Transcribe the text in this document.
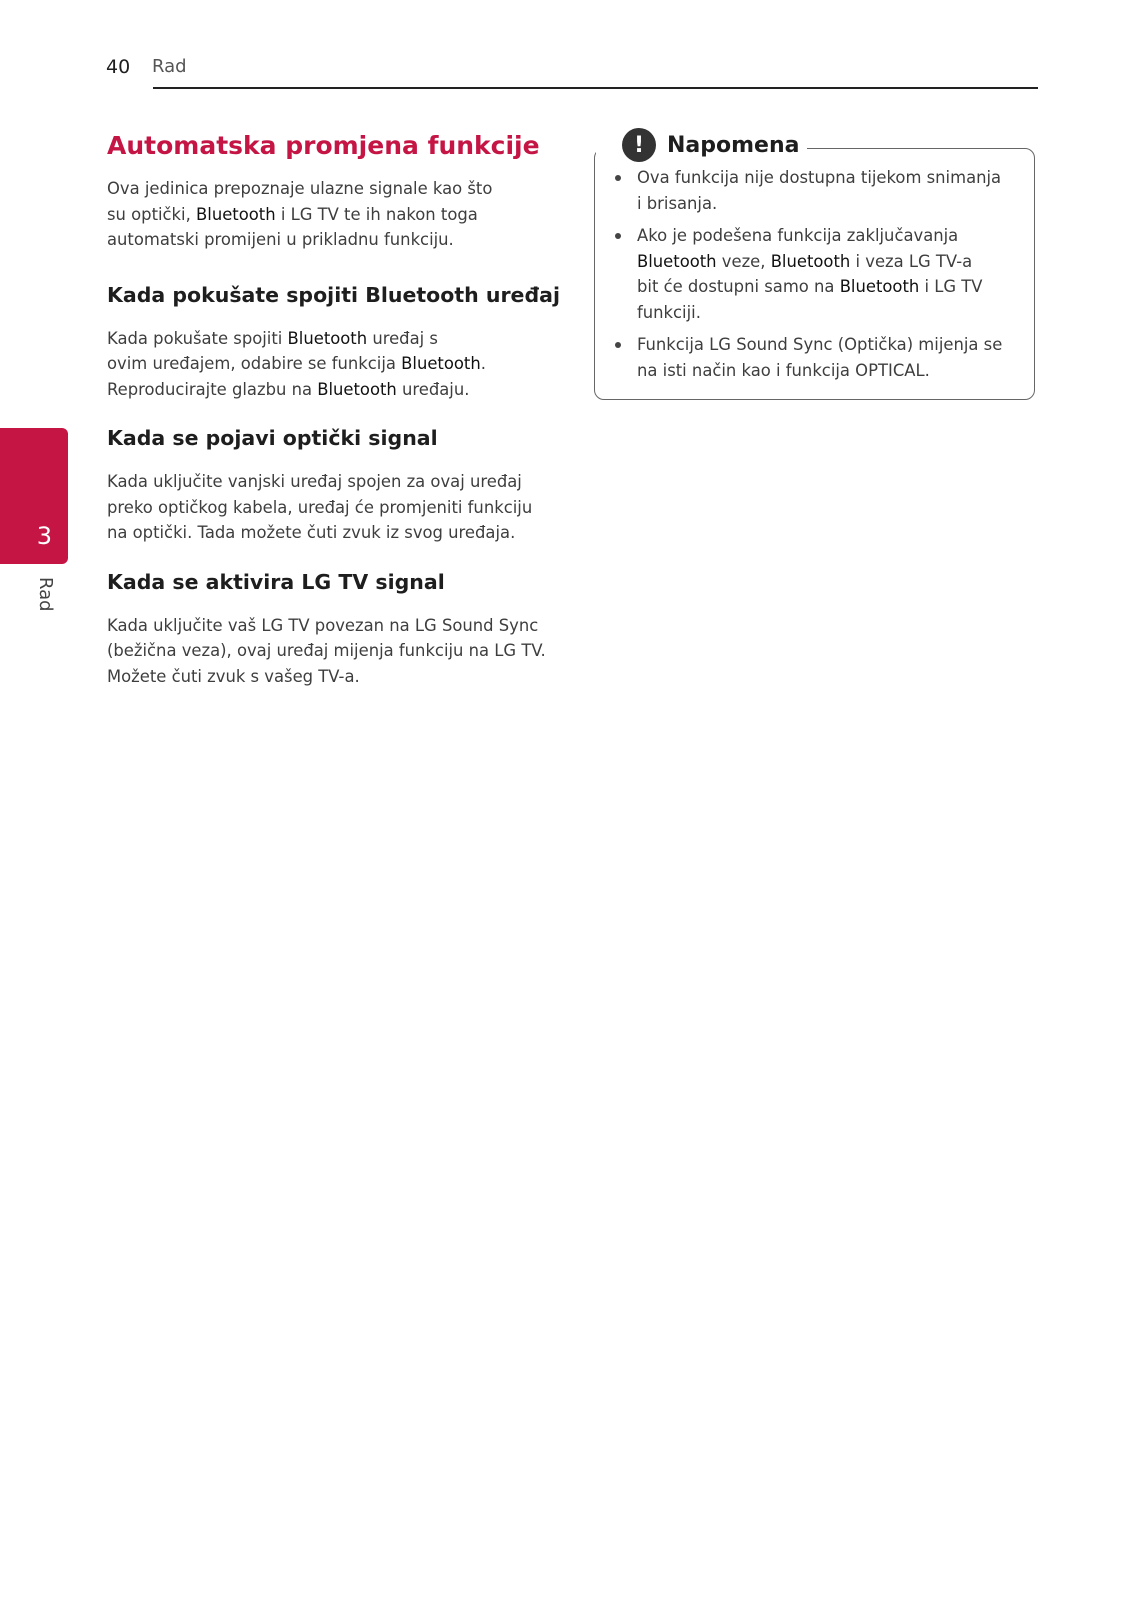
40 Rad
3
Rad
Automatska promjena funkcije

Ova jedinica prepoznaje ulazne signale kao što

su optički, Bluetooth i LG TV te ih nakon toga

automatski promijeni u prikladnu funkciju.

Kada pokušate spojiti Bluetooth uređaj

Kada pokušate spojiti Bluetooth uređaj s

ovim uređajem, odabire se funkcija Bluetooth.

Reproducirajte glazbu na Bluetooth uređaju.

Kada se pojavi optički signal

Kada uključite vanjski uređaj spojen za ovaj uređaj

preko optičkog kabela, uređaj će promjeniti funkciju

na optički. Tada možete čuti zvuk iz svog uređaja.

Kada se aktivira LG TV signal

Kada uključite vaš LG TV povezan na LG Sound Sync

(bežična veza), ovaj uređaj mijenja funkciju na LG TV.

Možete čuti zvuk s vašeg TV-a.

!	Napomena

Ova funkcija nije dostupna tijekom snimanja

i brisanja.

Ako je podešena funkcija zaključavanja

Bluetooth veze, Bluetooth i veza LG TV-a

bit će dostupni samo na Bluetooth i LG TV

funkciji.

Funkcija LG Sound Sync (Optička) mijenja se

na isti način kao i funkcija OPTICAL.
